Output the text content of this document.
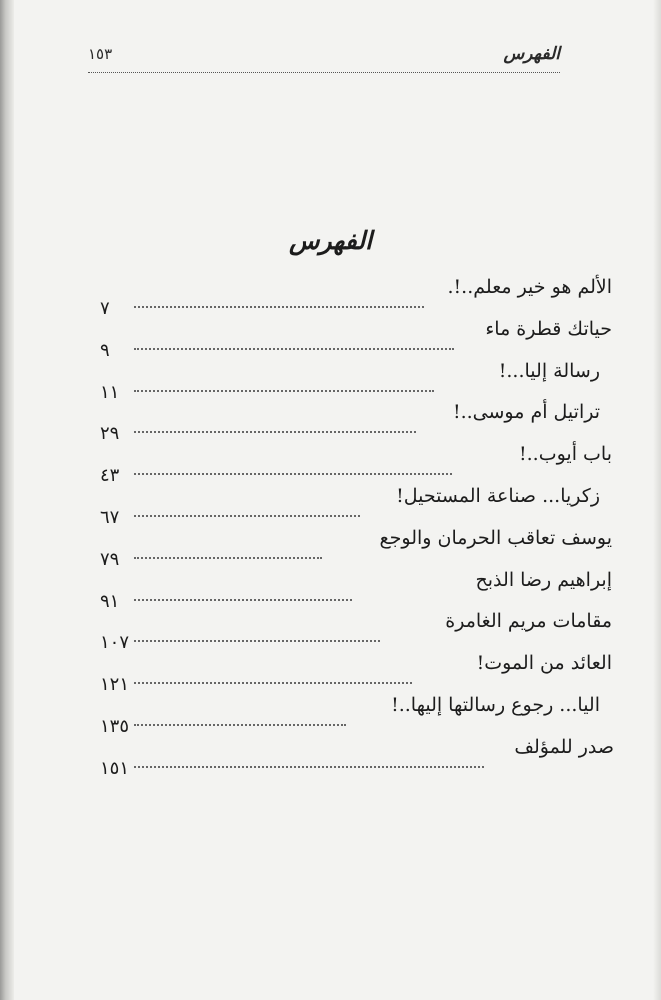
الفهرس
١٥٣
الفهرس
الألم هو خير معلم..!.
٧
حياتك قطرة ماء
٩
رسالة إليا...!
١١
تراتيل أم موسى..!
٢٩
باب أيوب..!
٤٣
زكريا... صناعة المستحيل!
٦٧
يوسف تعاقب الحرمان والوجع
٧٩
إبراهيم رضا الذبح
٩١
مقامات مريم الغامرة
١٠٧
العائد من الموت!
١٢١
اليا... رجوع رسالتها إليها..!
١٣٥
صدر للمؤلف
١٥١
